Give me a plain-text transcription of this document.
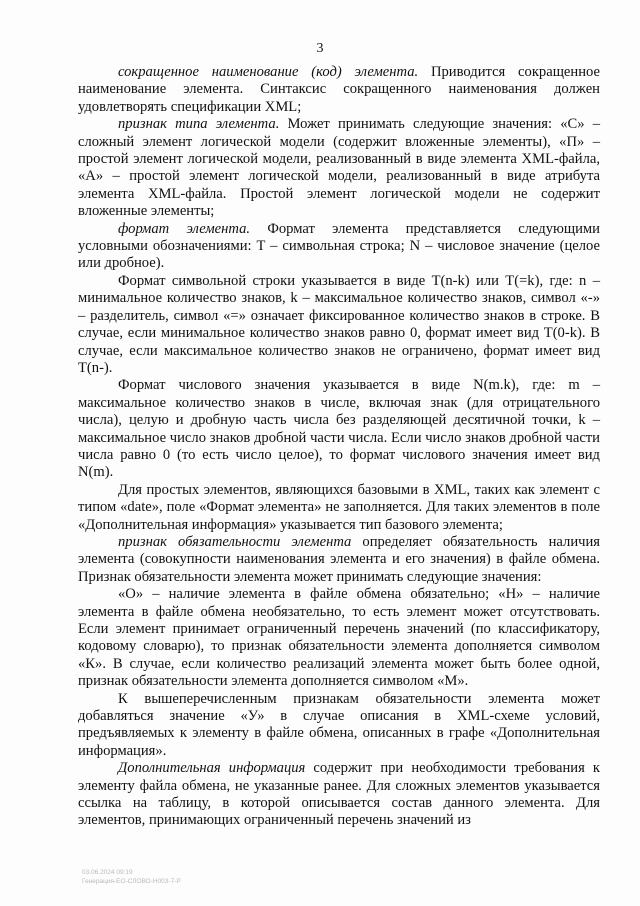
3

сокращенное наименование (код) элемента. Приводится сокращенное наименование элемента. Синтаксис сокращенного наименования должен удовлетворять спецификации XML;

признак типа элемента. Может принимать следующие значения: «С» – сложный элемент логической модели (содержит вложенные элементы), «П» – простой элемент логической модели, реализованный в виде элемента XML-файла, «А» – простой элемент логической модели, реализованный в виде атрибута элемента XML-файла. Простой элемент логической модели не содержит вложенные элементы;

формат элемента. Формат элемента представляется следующими условными обозначениями: T – символьная строка; N – числовое значение (целое или дробное).

Формат символьной строки указывается в виде T(n-k) или T(=k), где: n – минимальное количество знаков, k – максимальное количество знаков, символ «-» – разделитель, символ «=» означает фиксированное количество знаков в строке. В случае, если минимальное количество знаков равно 0, формат имеет вид T(0-k). В случае, если максимальное количество знаков не ограничено, формат имеет вид T(n-).

Формат числового значения указывается в виде N(m.k), где: m – максимальное количество знаков в числе, включая знак (для отрицательного числа), целую и дробную часть числа без разделяющей десятичной точки, k – максимальное число знаков дробной части числа. Если число знаков дробной части числа равно 0 (то есть число целое), то формат числового значения имеет вид N(m).

Для простых элементов, являющихся базовыми в XML, таких как элемент с типом «date», поле «Формат элемента» не заполняется. Для таких элементов в поле «Дополнительная информация» указывается тип базового элемента;

признак обязательности элемента определяет обязательность наличия элемента (совокупности наименования элемента и его значения) в файле обмена. Признак обязательности элемента может принимать следующие значения:

«О» – наличие элемента в файле обмена обязательно; «Н» – наличие элемента в файле обмена необязательно, то есть элемент может отсутствовать. Если элемент принимает ограниченный перечень значений (по классификатору, кодовому словарю), то признак обязательности элемента дополняется символом «К». В случае, если количество реализаций элемента может быть более одной, признак обязательности элемента дополняется символом «М».

К вышеперечисленным признакам обязательности элемента может добавляться значение «У» в случае описания в XML-схеме условий, предъявляемых к элементу в файле обмена, описанных в графе «Дополнительная информация».

Дополнительная информация содержит при необходимости требования к элементу файла обмена, не указанные ранее. Для сложных элементов указывается ссылка на таблицу, в которой описывается состав данного элемента. Для элементов, принимающих ограниченный перечень значений из

03.06.2024 09:19
Генерация-ЕО-СЛОВО-Н003-7-Р
